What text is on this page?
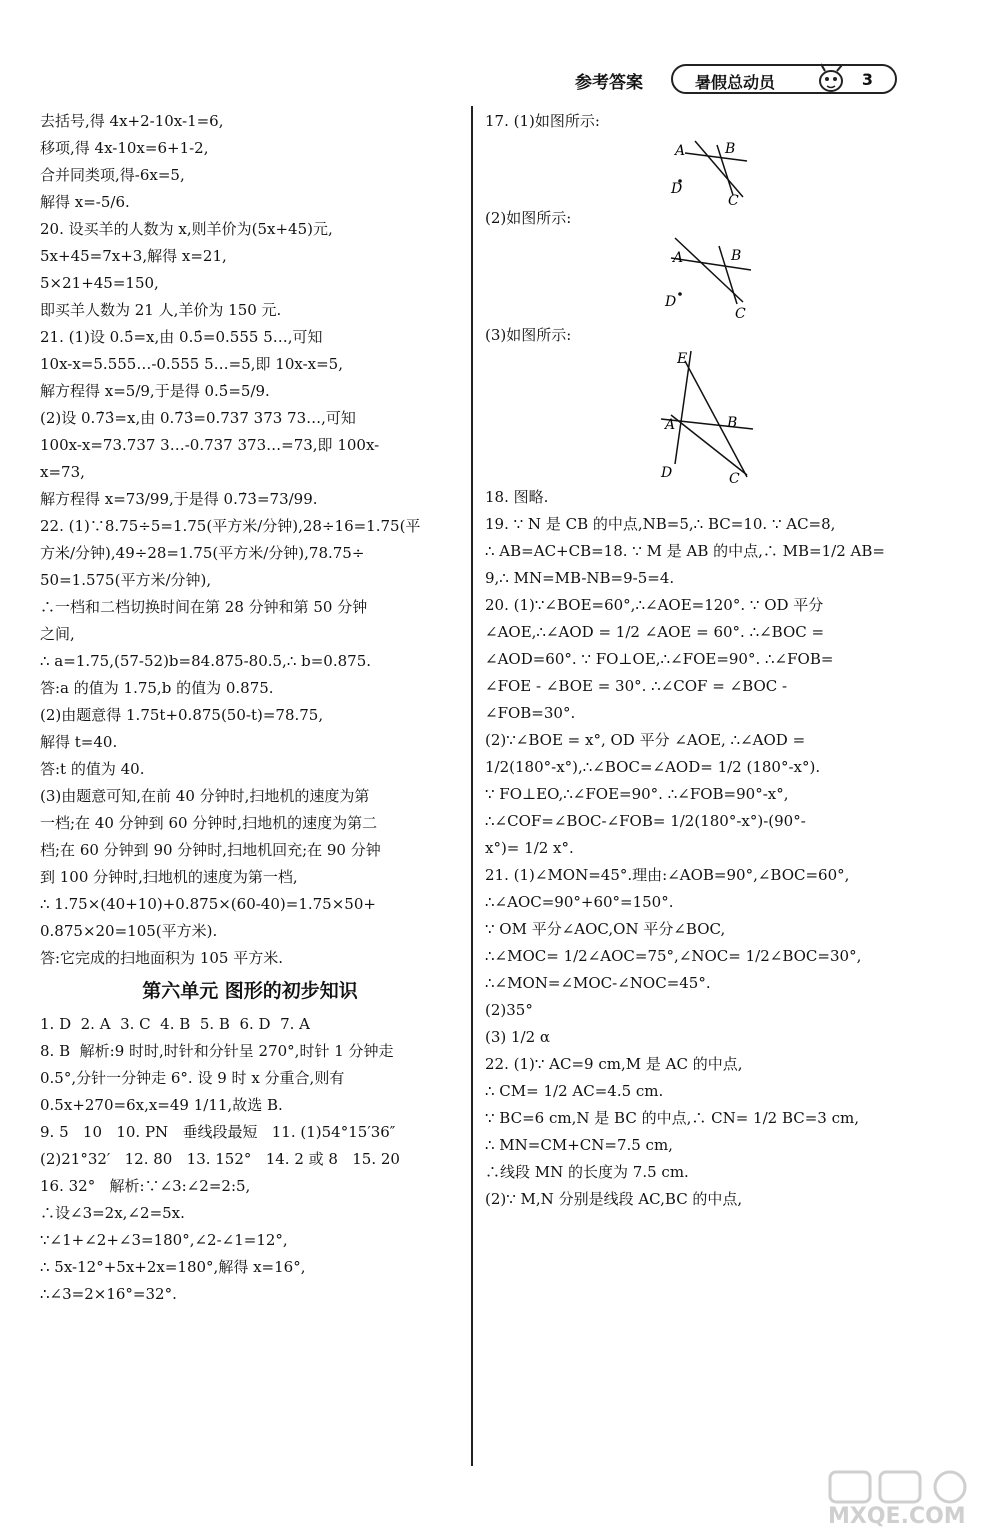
参考答案	暑假总动员	3
去括号,得 4x+2-10x-1=6,
移项,得 4x-10x=6+1-2,
合并同类项,得-6x=5,
解得 x=-5/6.
20. 设买羊的人数为 x,则羊价为(5x+45)元,
5x+45=7x+3,解得 x=21,
5×21+45=150,
即买羊人数为 21 人,羊价为 150 元.
21. (1)设 0.5̇=x,由 0.5̇=0.555 5…,可知
10x-x=5.555…-0.555 5…=5,即 10x-x=5,
解方程得 x=5/9,于是得 0.5̇=5/9.
(2)设 0.7̇3̇=x,由 0.7̇3̇=0.737 373 73…,可知
100x-x=73.737 3…-0.737 373…=73,即 100x-
x=73,
解方程得 x=73/99,于是得 0.7̇3̇=73/99.
22. (1)∵8.75÷5=1.75(平方米/分钟),28÷16=1.75(平
方米/分钟),49÷28=1.75(平方米/分钟),78.75÷
50=1.575(平方米/分钟),
∴一档和二档切换时间在第 28 分钟和第 50 分钟
之间,
∴ a=1.75,(57-52)b=84.875-80.5,∴ b=0.875.
答:a 的值为 1.75,b 的值为 0.875.
(2)由题意得 1.75t+0.875(50-t)=78.75,
解得 t=40.
答:t 的值为 40.
(3)由题意可知,在前 40 分钟时,扫地机的速度为第
一档;在 40 分钟到 60 分钟时,扫地机的速度为第二
档;在 60 分钟到 90 分钟时,扫地机回充;在 90 分钟
到 100 分钟时,扫地机的速度为第一档,
∴ 1.75×(40+10)+0.875×(60-40)=1.75×50+
0.875×20=105(平方米).
答:它完成的扫地面积为 105 平方米.
第六单元 图形的初步知识
1. D  2. A  3. C  4. B  5. B  6. D  7. A
8. B  解析:9 时时,时针和分针呈 270°,时针 1 分钟走
0.5°,分针一分钟走 6°. 设 9 时 x 分重合,则有
0.5x+270=6x,x=49 1/11,故选 B.
9. 5   10   10. PN   垂线段最短   11. (1)54°15′36″
(2)21°32′   12. 80   13. 152°   14. 2 或 8   15. 20
16. 32°   解析:∵∠3:∠2=2:5,
∴设∠3=2x,∠2=5x.
∵∠1+∠2+∠3=180°,∠2-∠1=12°,
∴ 5x-12°+5x+2x=180°,解得 x=16°,
∴∠3=2×16°=32°.
17. (1)如图所示:
A	B
D
C
(2)如图所示:
A	B
D
C
(3)如图所示:
E
A	B
D	C
18. 图略.
19. ∵ N 是 CB 的中点,NB=5,∴ BC=10. ∵ AC=8,
∴ AB=AC+CB=18. ∵ M 是 AB 的中点,∴ MB=1/2 AB=
9,∴ MN=MB-NB=9-5=4.
20. (1)∵∠BOE=60°,∴∠AOE=120°. ∵ OD 平分
∠AOE,∴∠AOD = 1/2 ∠AOE = 60°. ∴∠BOC =
∠AOD=60°. ∵ FO⊥OE,∴∠FOE=90°. ∴∠FOB=
∠FOE - ∠BOE = 30°. ∴∠COF = ∠BOC -
∠FOB=30°.
(2)∵∠BOE = x°, OD 平分 ∠AOE, ∴∠AOD =
1/2(180°-x°),∴∠BOC=∠AOD= 1/2 (180°-x°).
∵ FO⊥EO,∴∠FOE=90°. ∴∠FOB=90°-x°,
∴∠COF=∠BOC-∠FOB= 1/2(180°-x°)-(90°-
x°)= 1/2 x°.
21. (1)∠MON=45°.理由:∠AOB=90°,∠BOC=60°,
∴∠AOC=90°+60°=150°.
∵ OM 平分∠AOC,ON 平分∠BOC,
∴∠MOC= 1/2∠AOC=75°,∠NOC= 1/2∠BOC=30°,
∴∠MON=∠MOC-∠NOC=45°.
(2)35°
(3) 1/2 α
22. (1)∵ AC=9 cm,M 是 AC 的中点,
∴ CM= 1/2 AC=4.5 cm.
∵ BC=6 cm,N 是 BC 的中点,∴ CN= 1/2 BC=3 cm,
∴ MN=CM+CN=7.5 cm,
∴线段 MN 的长度为 7.5 cm.
(2)∵ M,N 分别是线段 AC,BC 的中点,
MXQE.COM
